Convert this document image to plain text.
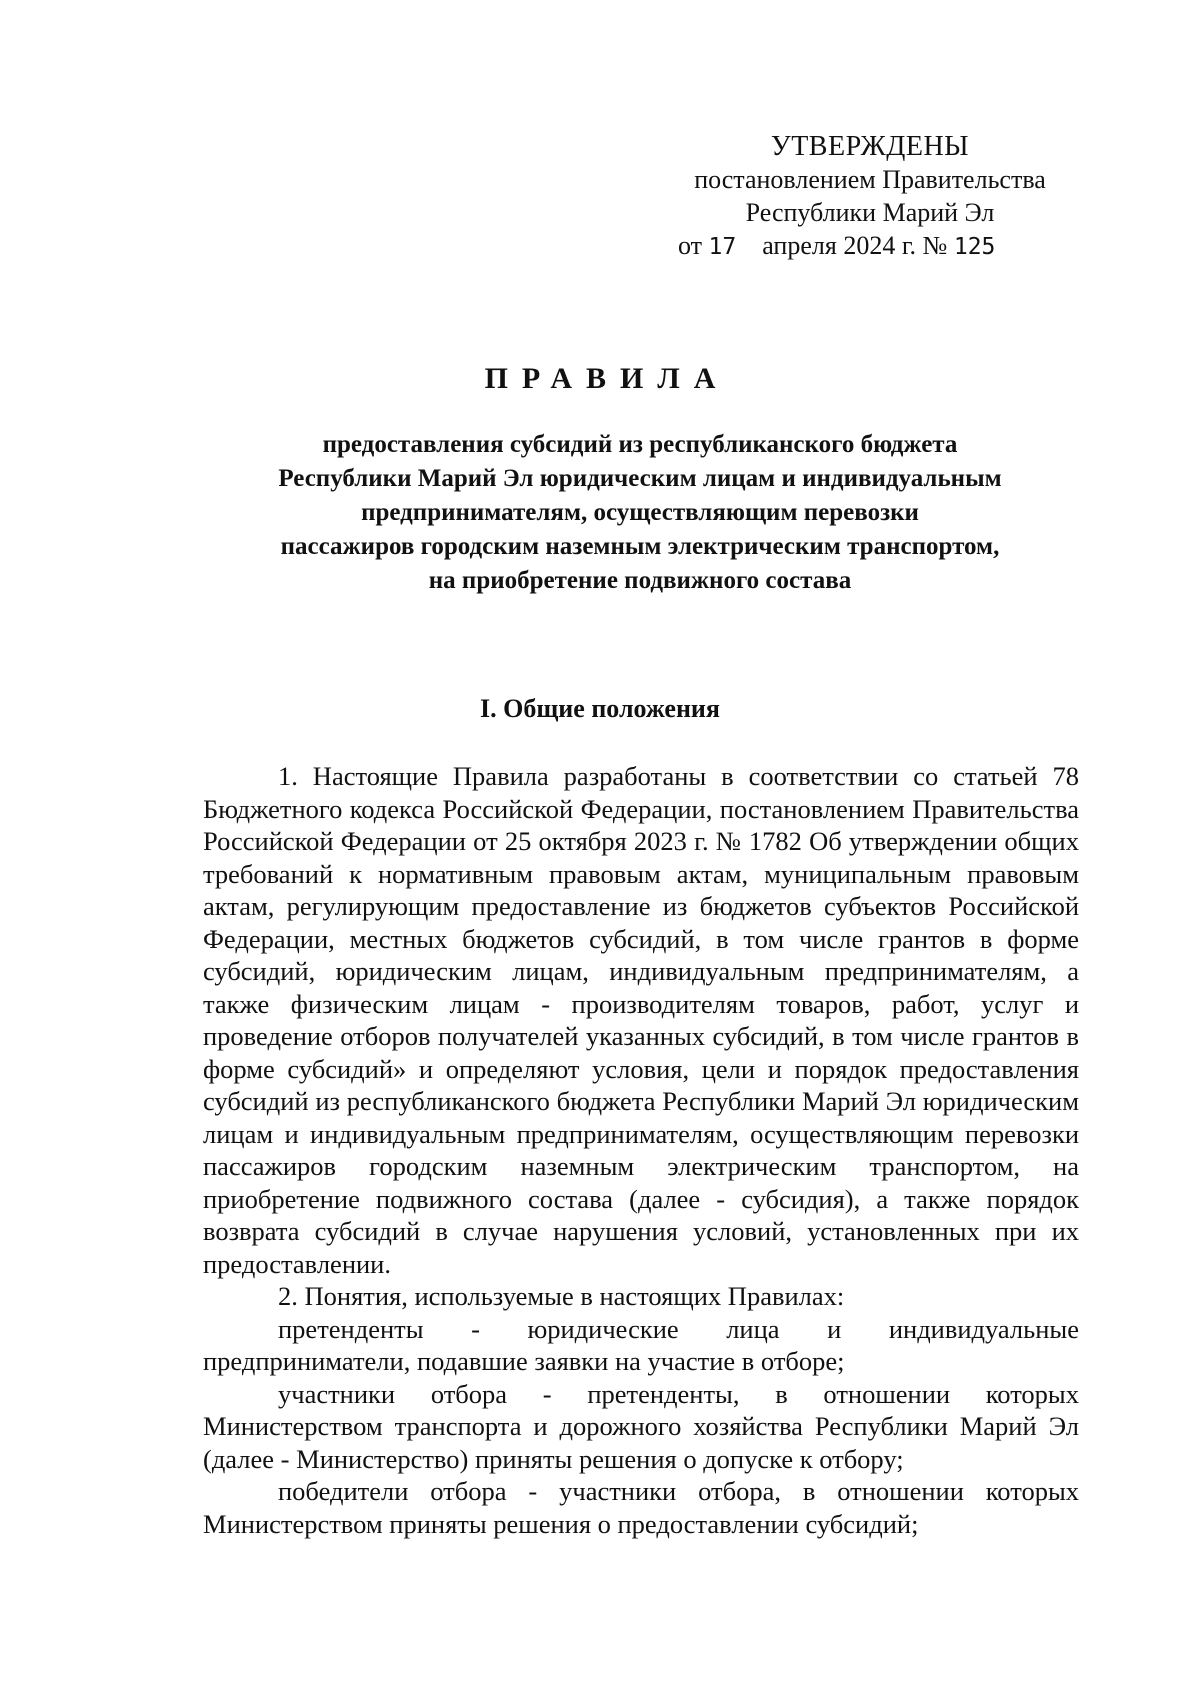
УТВЕРЖДЕНЫ
постановлением Правительства
Республики Марий Эл
от 17 апреля 2024 г. № 125
ПРАВИЛА
предоставления субсидий из республиканского бюджета
Республики Марий Эл юридическим лицам и индивидуальным
предпринимателям, осуществляющим перевозки
пассажиров городским наземным электрическим транспортом,
на приобретение подвижного состава
I. Общие положения

1. Настоящие Правила разработаны в соответствии со статьей 78 Бюджетного кодекса Российской Федерации, постановлением Правительства Российской Федерации от 25 октября 2023 г. № 1782 Об утверждении общих требований к нормативным правовым актам, муниципальным правовым актам, регулирующим предоставление из бюджетов субъектов Российской Федерации, местных бюджетов субсидий, в том числе грантов в форме субсидий, юридическим лицам, индивидуальным предпринимателям, а также физическим лицам - производителям товаров, работ, услуг и проведение отборов получателей указанных субсидий, в том числе грантов в форме субсидий» и определяют условия, цели и порядок предоставления субсидий из республиканского бюджета Республики Марий Эл юридическим лицам и индивидуальным предпринимателям, осуществляющим перевозки пассажиров городским наземным электрическим транспортом, на приобретение подвижного состава (далее - субсидия), а также порядок возврата субсидий в случае нарушения условий, установленных при их предоставлении.

2. Понятия, используемые в настоящих Правилах:

претенденты - юридические лица и индивидуальные предприниматели, подавшие заявки на участие в отборе;

участники отбора - претенденты, в отношении которых Министерством транспорта и дорожного хозяйства Республики Марий Эл (далее - Министерство) приняты решения о допуске к отбору;

победители отбора - участники отбора, в отношении которых Министерством приняты решения о предоставлении субсидий;
